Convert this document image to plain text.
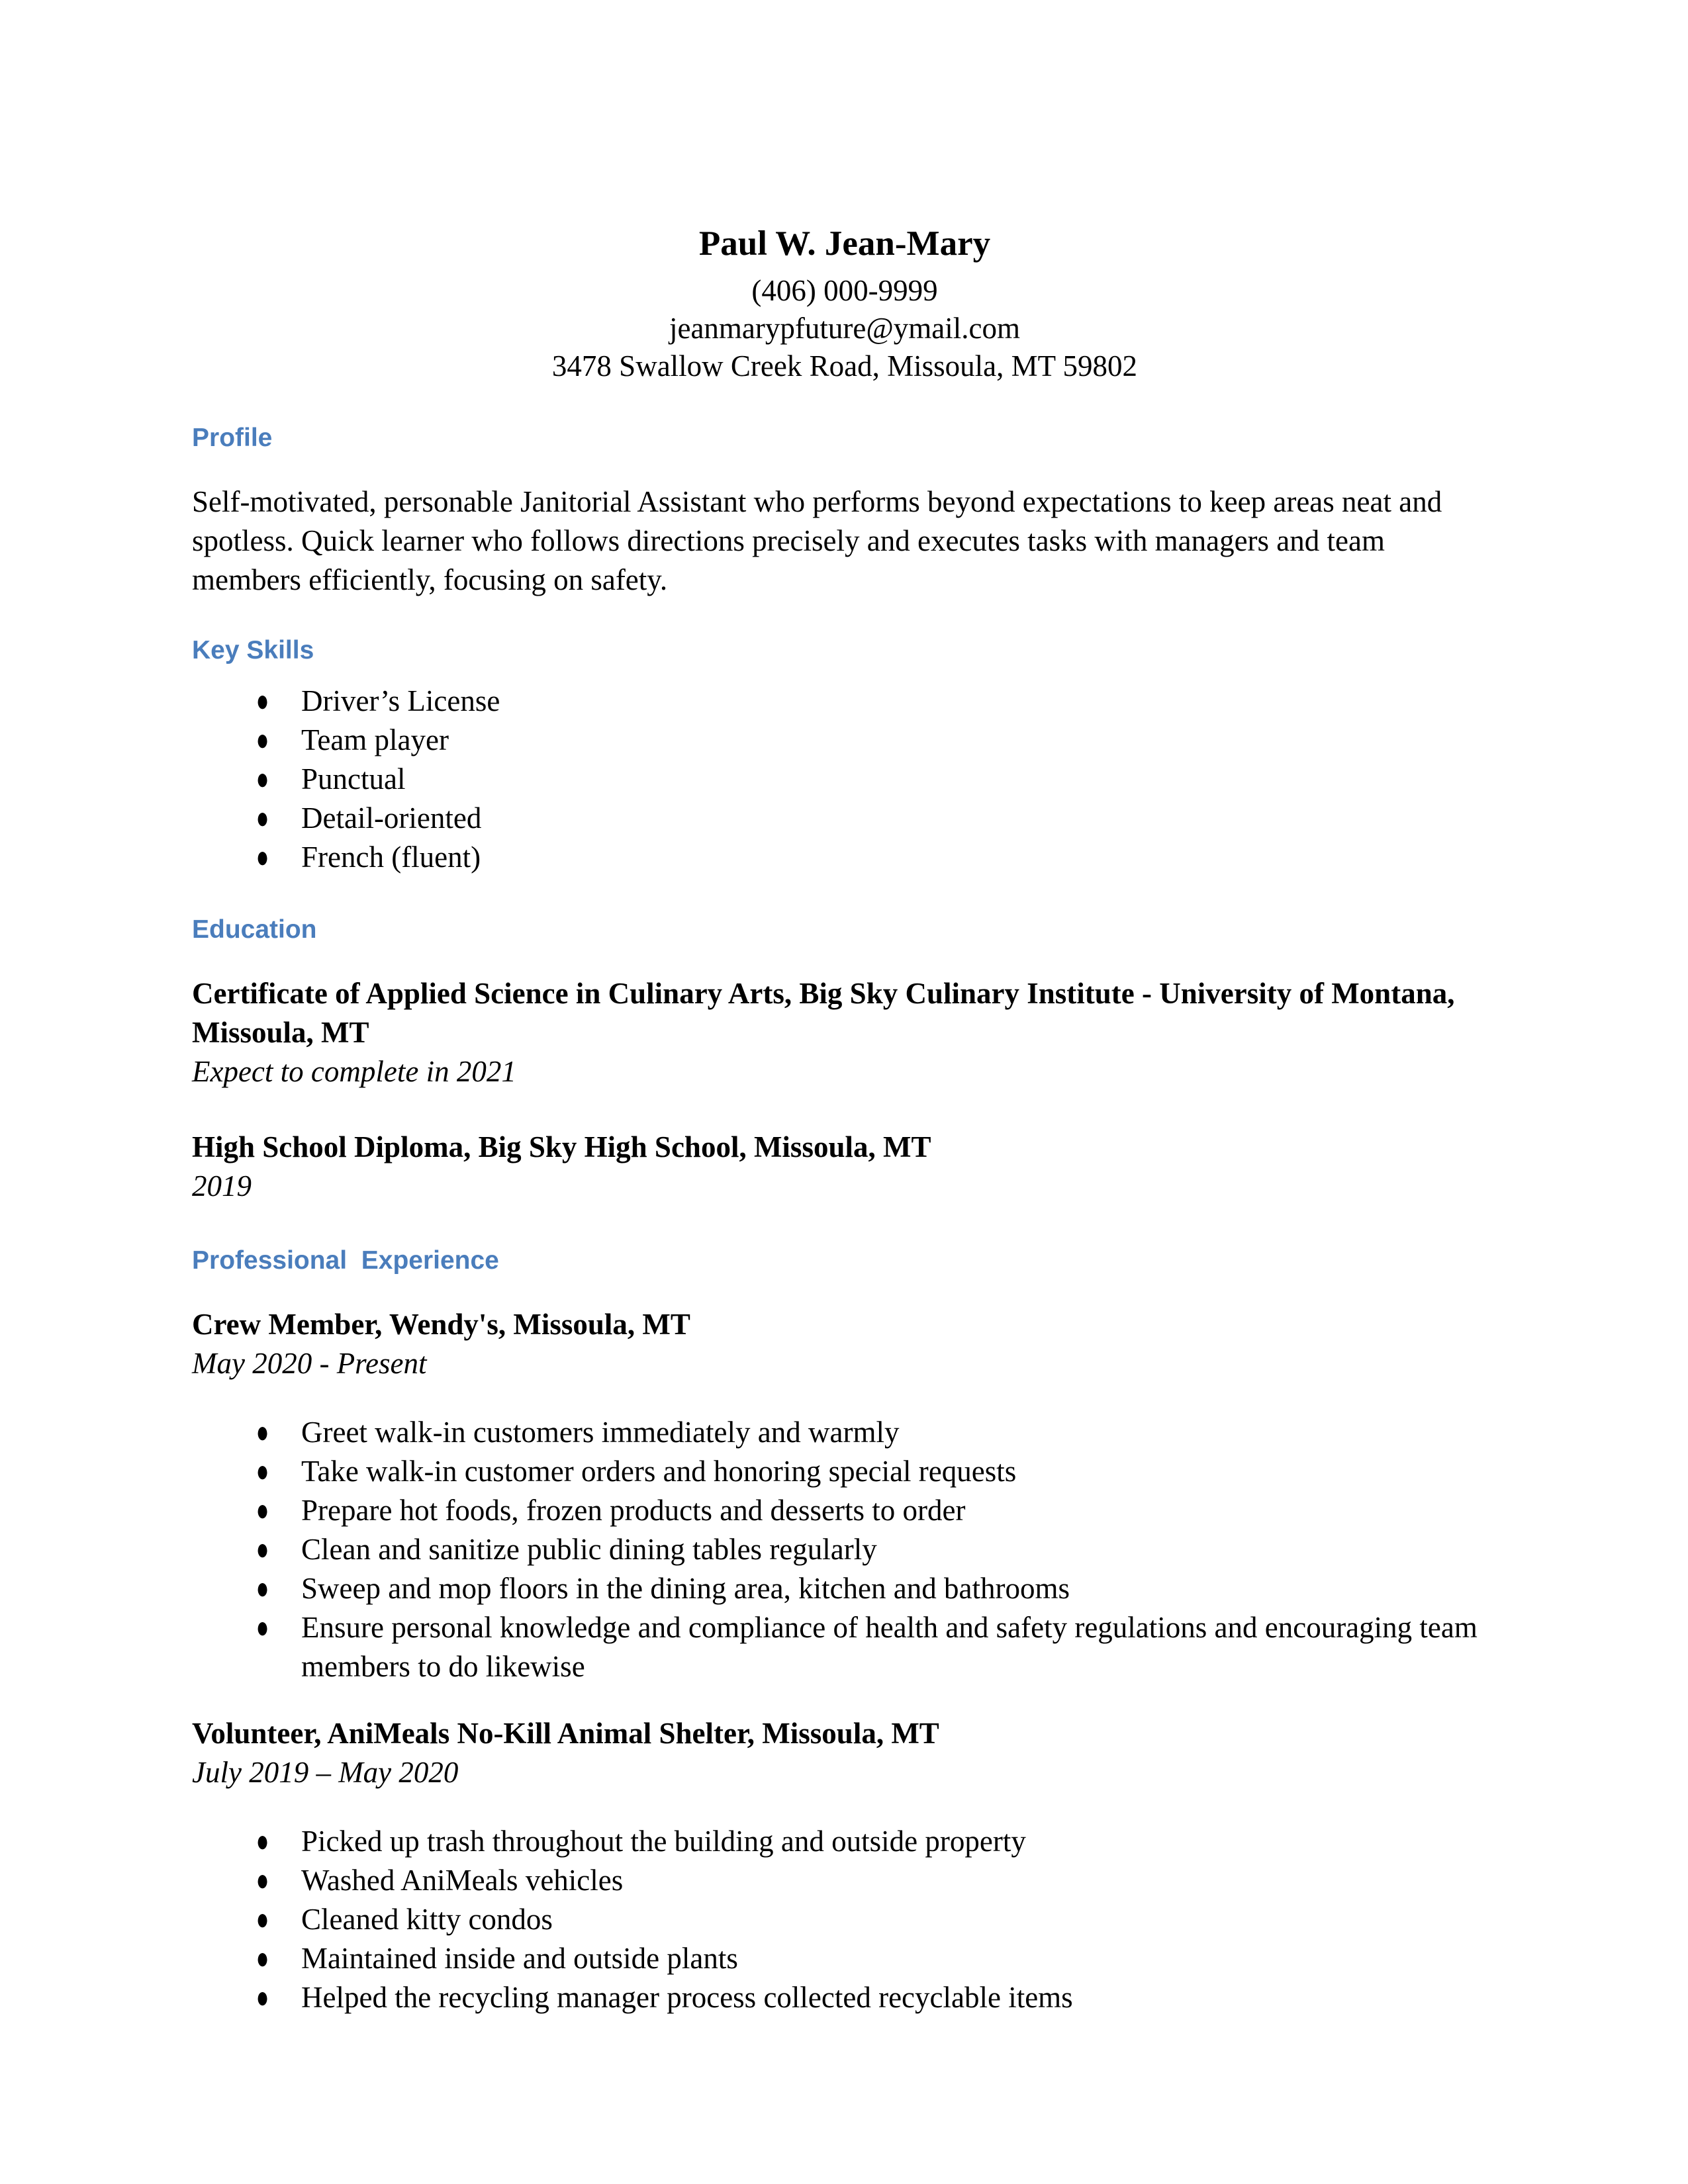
Paul W. Jean-Mary
(406) 000-9999
jeanmarypfuture@ymail.com
3478 Swallow Creek Road, Missoula, MT 59802
Profile
Self-motivated, personable Janitorial Assistant who performs beyond expectations to keep areas neat and spotless. Quick learner who follows directions precisely and executes tasks with managers and team members efficiently, focusing on safety.
Key Skills
● Driver’s License
● Team player
● Punctual
● Detail-oriented
● French (fluent)
Education
Certificate of Applied Science in Culinary Arts, Big Sky Culinary Institute - University of Montana, Missoula, MT
Expect to complete in 2021
High School Diploma, Big Sky High School, Missoula, MT
2019
Professional  Experience
Crew Member, Wendy's, Missoula, MT
May 2020 - Present
● Greet walk-in customers immediately and warmly
● Take walk-in customer orders and honoring special requests
● Prepare hot foods, frozen products and desserts to order
● Clean and sanitize public dining tables regularly
● Sweep and mop floors in the dining area, kitchen and bathrooms
● Ensure personal knowledge and compliance of health and safety regulations and encouraging team members to do likewise
Volunteer, AniMeals No-Kill Animal Shelter, Missoula, MT
July 2019 – May 2020
● Picked up trash throughout the building and outside property
● Washed AniMeals vehicles
● Cleaned kitty condos
● Maintained inside and outside plants
● Helped the recycling manager process collected recyclable items
